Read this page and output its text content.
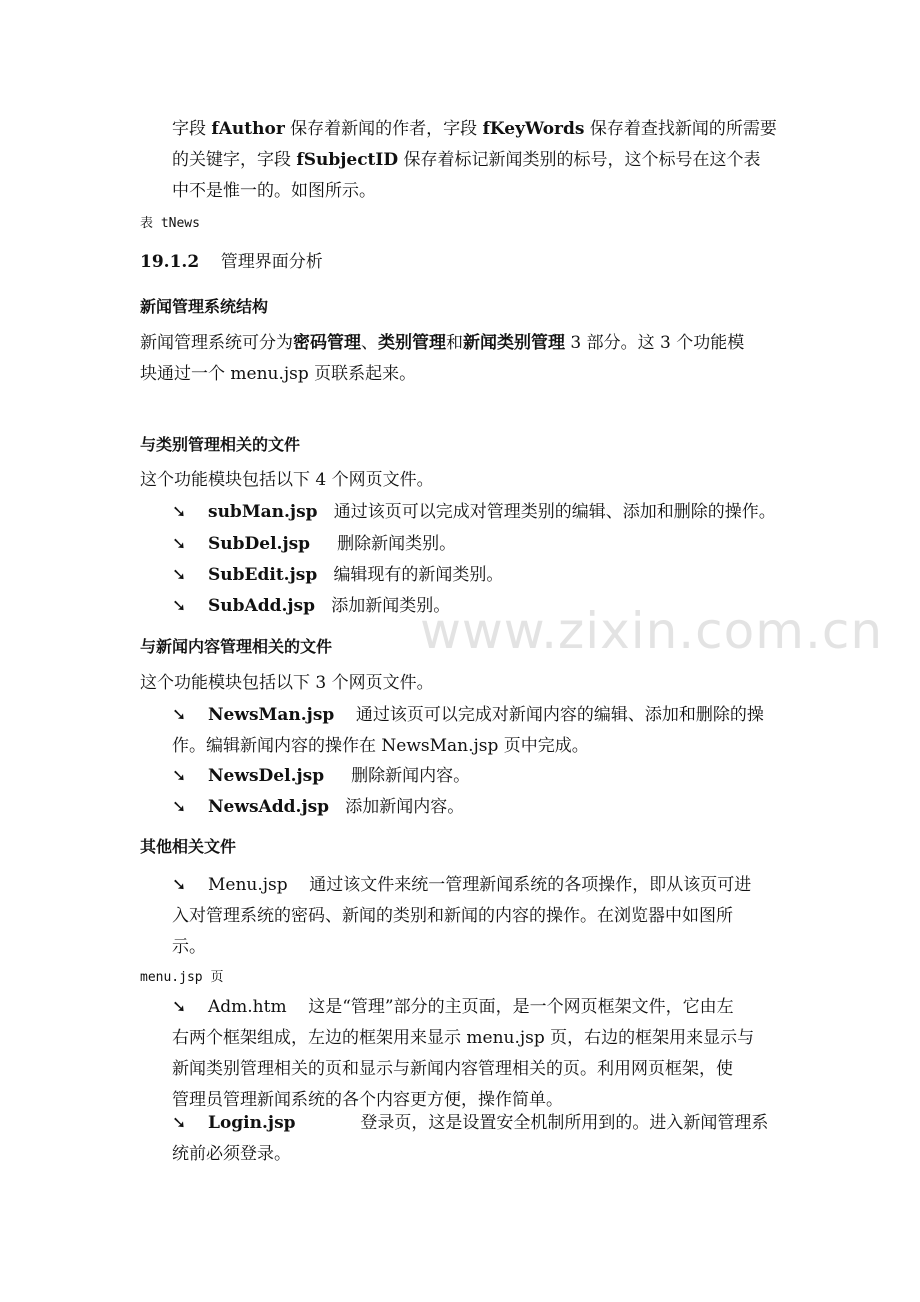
www.zixin.com.cn

字段 fAuthor 保存着新闻的作者，字段 fKeyWords 保存着查找新闻的所需要

的关键字，字段 fSubjectID 保存着标记新闻类别的标号，这个标号在这个表

中不是惟一的。如图所示。

表 tNews
19.1.2 管理界面分析
新闻管理系统结构

新闻管理系统可分为密码管理、类别管理和新闻类别管理 3 部分。这 3 个功能模

块通过一个 menu.jsp 页联系起来。

与类别管理相关的文件
这个功能模块包括以下 4 个网页文件。
➘ subMan.jsp 通过该页可以完成对管理类别的编辑、添加和删除的操作。
➘ SubDel.jsp 删除新闻类别。
➘ SubEdit.jsp 编辑现有的新闻类别。
➘ SubAdd.jsp 添加新闻类别。
与新闻内容管理相关的文件
这个功能模块包括以下 3 个网页文件。
➘ NewsMan.jsp 通过该页可以完成对新闻内容的编辑、添加和删除的操
作。编辑新闻内容的操作在 NewsMan.jsp 页中完成。
➘ NewsDel.jsp 删除新闻内容。
➘ NewsAdd.jsp 添加新闻内容。
其他相关文件
➘ Menu.jsp 通过该文件来统一管理新闻系统的各项操作，即从该页可进
入对管理系统的密码、新闻的类别和新闻的内容的操作。在浏览器中如图所
示。
menu.jsp 页
➘ Adm.htm 这是“管理”部分的主页面，是一个网页框架文件，它由左
右两个框架组成，左边的框架用来显示 menu.jsp 页，右边的框架用来显示与
新闻类别管理相关的页和显示与新闻内容管理相关的页。利用网页框架，使
管理员管理新闻系统的各个内容更方便，操作简单。
➘ Login.jsp	登录页，这是设置安全机制所用到的。进入新闻管理系
统前必须登录。
